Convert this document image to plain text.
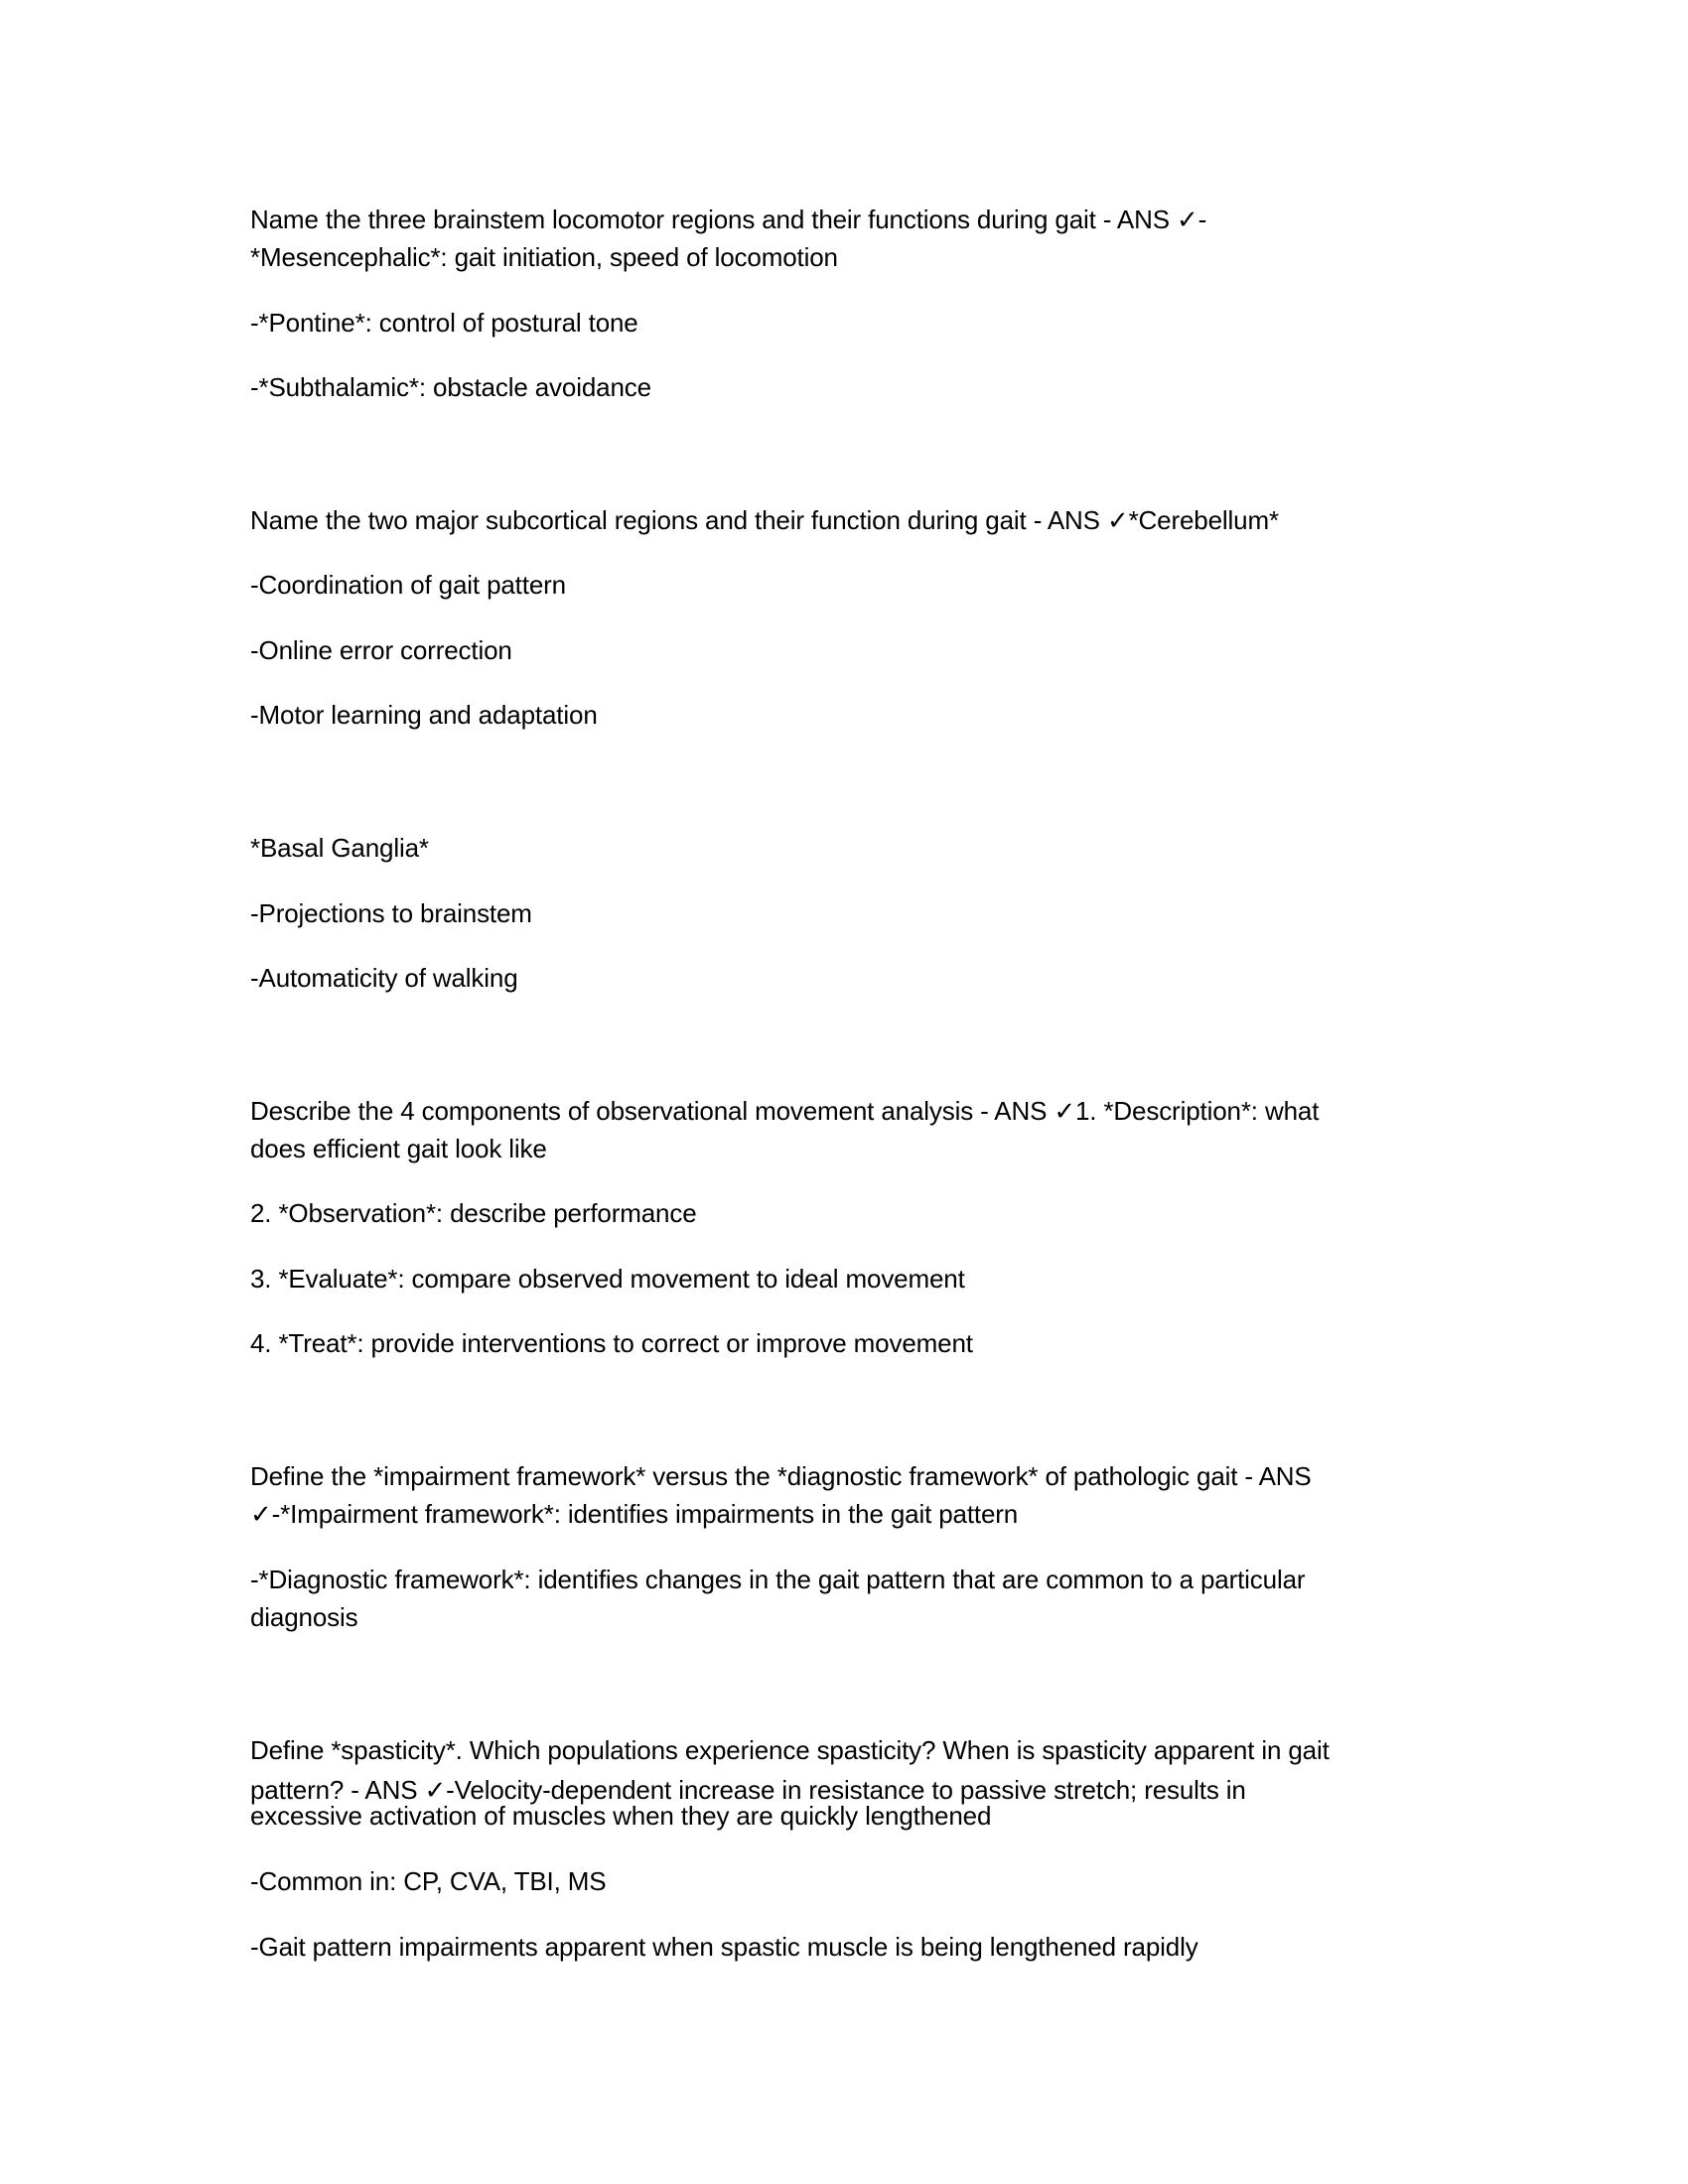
Name the three brainstem locomotor regions and their functions during gait - ANS ✓-
*Mesencephalic*: gait initiation, speed of locomotion
-*Pontine*: control of postural tone
-*Subthalamic*: obstacle avoidance
Name the two major subcortical regions and their function during gait - ANS ✓*Cerebellum*
-Coordination of gait pattern
-Online error correction
-Motor learning and adaptation
*Basal Ganglia*
-Projections to brainstem
-Automaticity of walking
Describe the 4 components of observational movement analysis - ANS ✓1. *Description*: what
does efficient gait look like
2. *Observation*: describe performance
3. *Evaluate*: compare observed movement to ideal movement
4. *Treat*: provide interventions to correct or improve movement
Define the *impairment framework* versus the *diagnostic framework* of pathologic gait - ANS
✓-*Impairment framework*: identifies impairments in the gait pattern
-*Diagnostic framework*: identifies changes in the gait pattern that are common to a particular
diagnosis
Define *spasticity*. Which populations experience spasticity? When is spasticity apparent in gait
pattern? - ANS ✓-Velocity-dependent increase in resistance to passive stretch; results in
excessive activation of muscles when they are quickly lengthened
-Common in: CP, CVA, TBI, MS
-Gait pattern impairments apparent when spastic muscle is being lengthened rapidly
